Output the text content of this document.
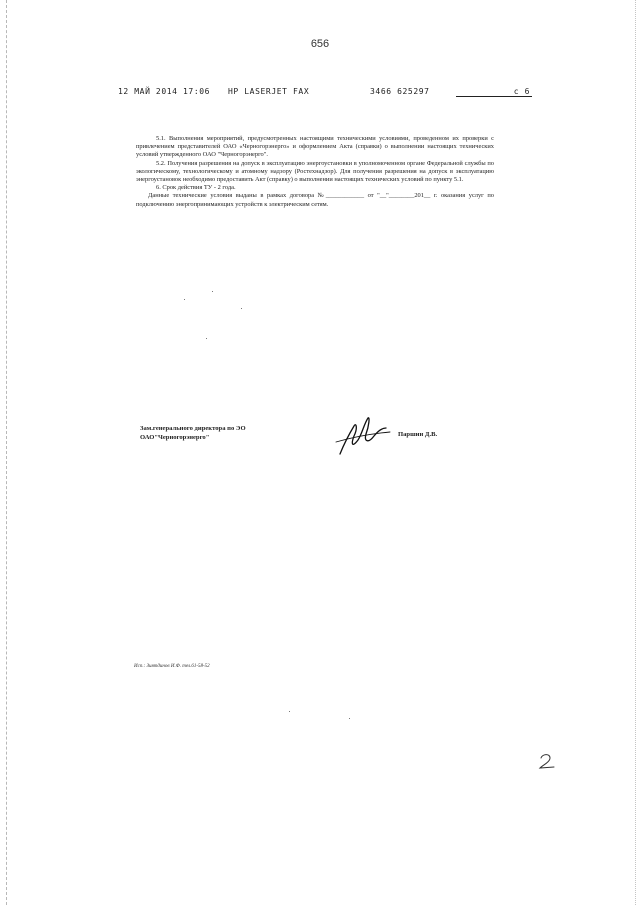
656
12 МАЙ 2014 17:06 HP LASERJET FAX	3466 625297	с 6

5.1. Выполнения мероприятий, предусмотренных настоящими техническими условиями, проведенном их проверки с привлечением представителей ОАО «Черногорэнерго» и оформлением Акта (справки) о выполнении настоящих технических условий утвержденного ОАО "Черногорэнерго".

5.2. Получения разрешения на допуск в эксплуатацию энергоустановки в уполномоченном органе Федеральной службы по экологическому, технологическому и атомному надзору (Ростехнадзор). Для получения разрешения на допуск в эксплуатацию энергоустановок необходимо предоставить Акт (справку) о выполнении настоящих технических условий по пункту 5.1.

6. Срок действия ТУ - 2 года.

Данные технические условия выданы в рамках договора №____________ от "__"________201__ г. оказания услуг по подключению энергопринимающих устройств к электрическим сетям.

Зам.генерального директора по ЭО
ОАО"Черногорэнерго"	Паршин Д.В.
Исп.: Зиятдинов И.Ф. тел.61-58-52
